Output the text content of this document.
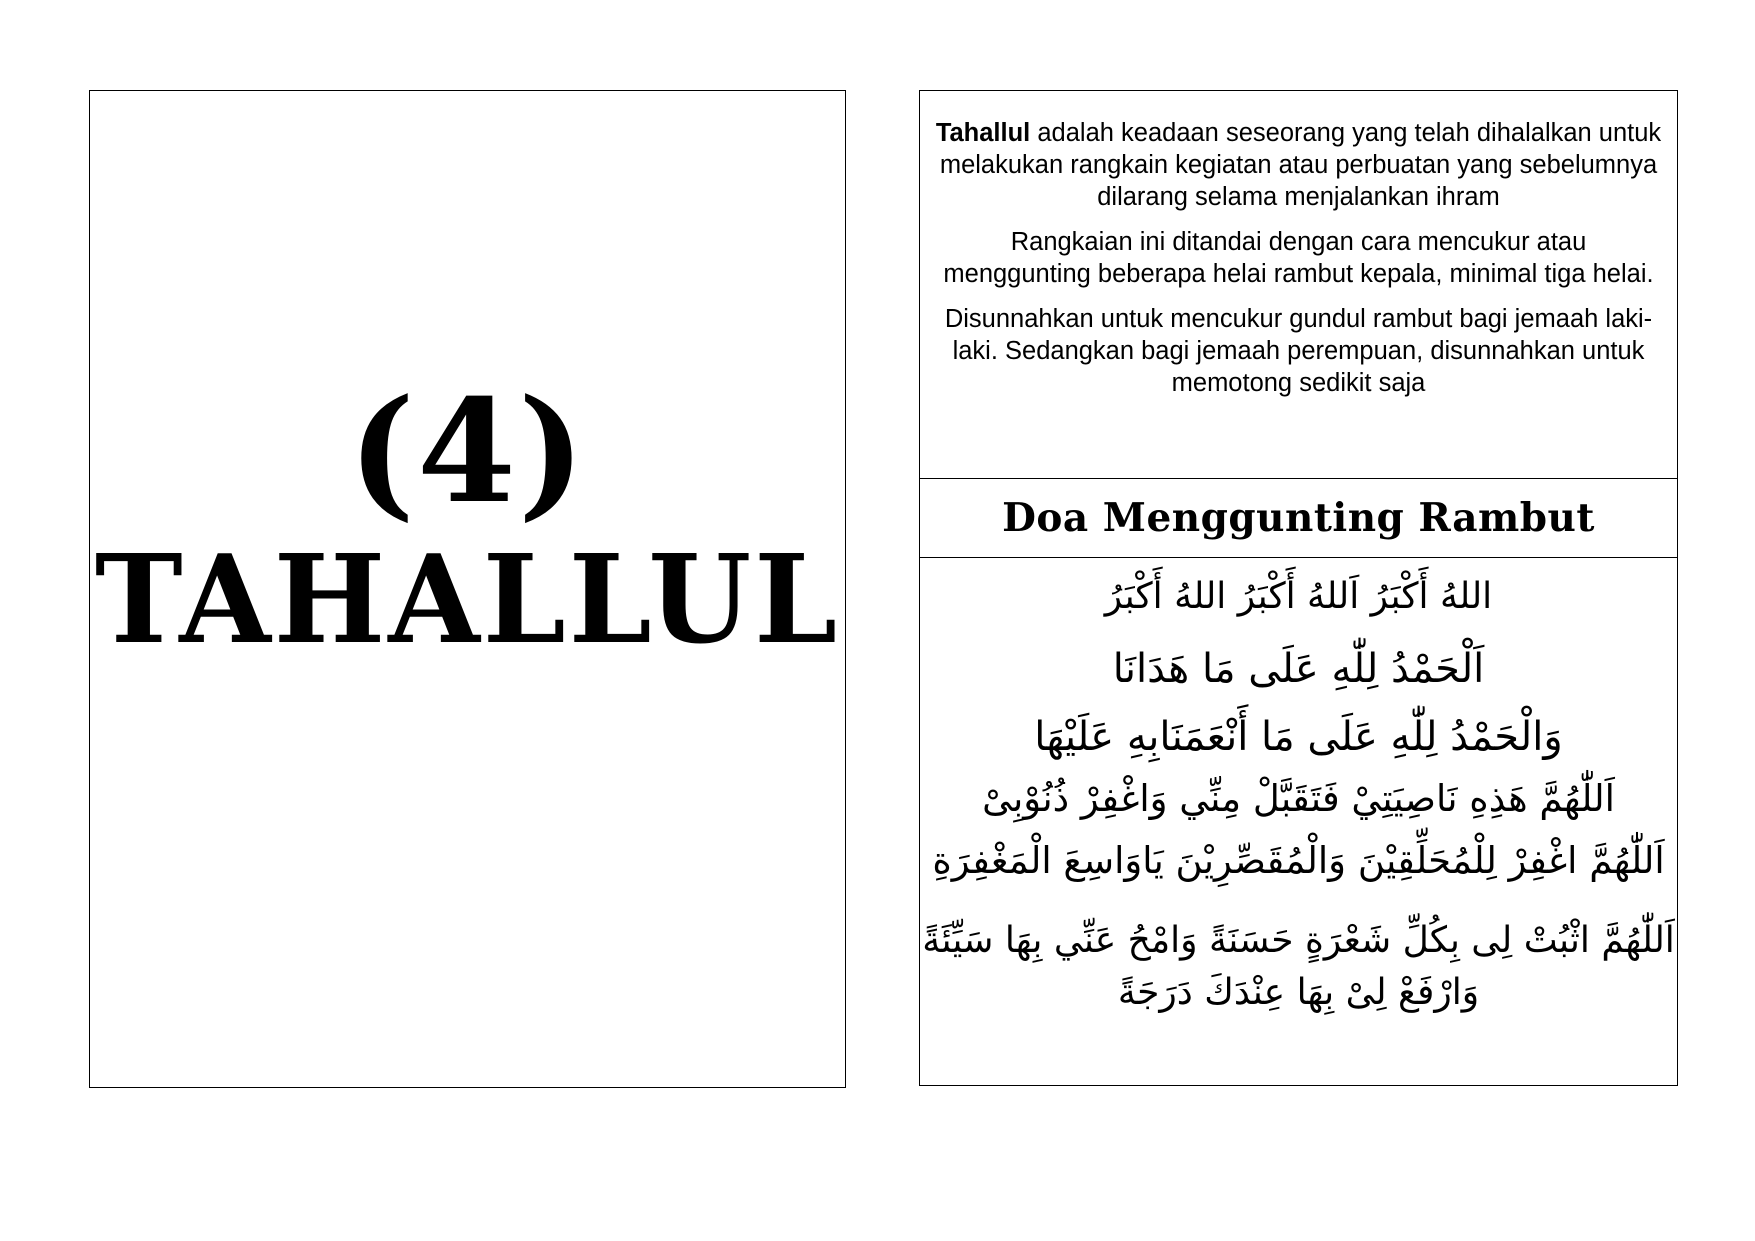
(4)
TAHALLUL

Tahallul adalah keadaan seseorang yang telah dihalalkan untuk melakukan rangkain kegiatan atau perbuatan yang sebelumnya dilarang selama menjalankan ihram

Rangkaian ini ditandai dengan cara mencukur atau menggunting beberapa helai rambut kepala, minimal tiga helai.

Disunnahkan untuk mencukur gundul rambut bagi jemaah laki-laki. Sedangkan bagi jemaah perempuan, disunnahkan untuk memotong sedikit saja

Doa Menggunting Rambut

اللهُ أَكْبَرُ اَللهُ أَكْبَرُ اللهُ أَكْبَرُ

اَلْحَمْدُ لِلّٰهِ عَلَى مَا هَدَانَا

وَالْحَمْدُ لِلّٰهِ عَلَى مَا أَنْعَمَنَابِهِ عَلَيْهَا

اَللّٰهُمَّ هَذِهِ نَاصِيَتِيْ فَتَقَبَّلْ مِنِّي وَاغْفِرْ ذُنُوْبِىْ

اَللّٰهُمَّ اغْفِرْ لِلْمُحَلِّقِيْنَ وَالْمُقَصِّرِيْنَ يَاوَاسِعَ الْمَغْفِرَةِ

اَللّٰهُمَّ اثْبُتْ لِى بِكُلِّ شَعْرَةٍ حَسَنَةً وَامْحُ عَنِّي بِهَا سَيِّئَةً

وَارْفَعْ لِىْ بِهَا عِنْدَكَ دَرَجَةً
